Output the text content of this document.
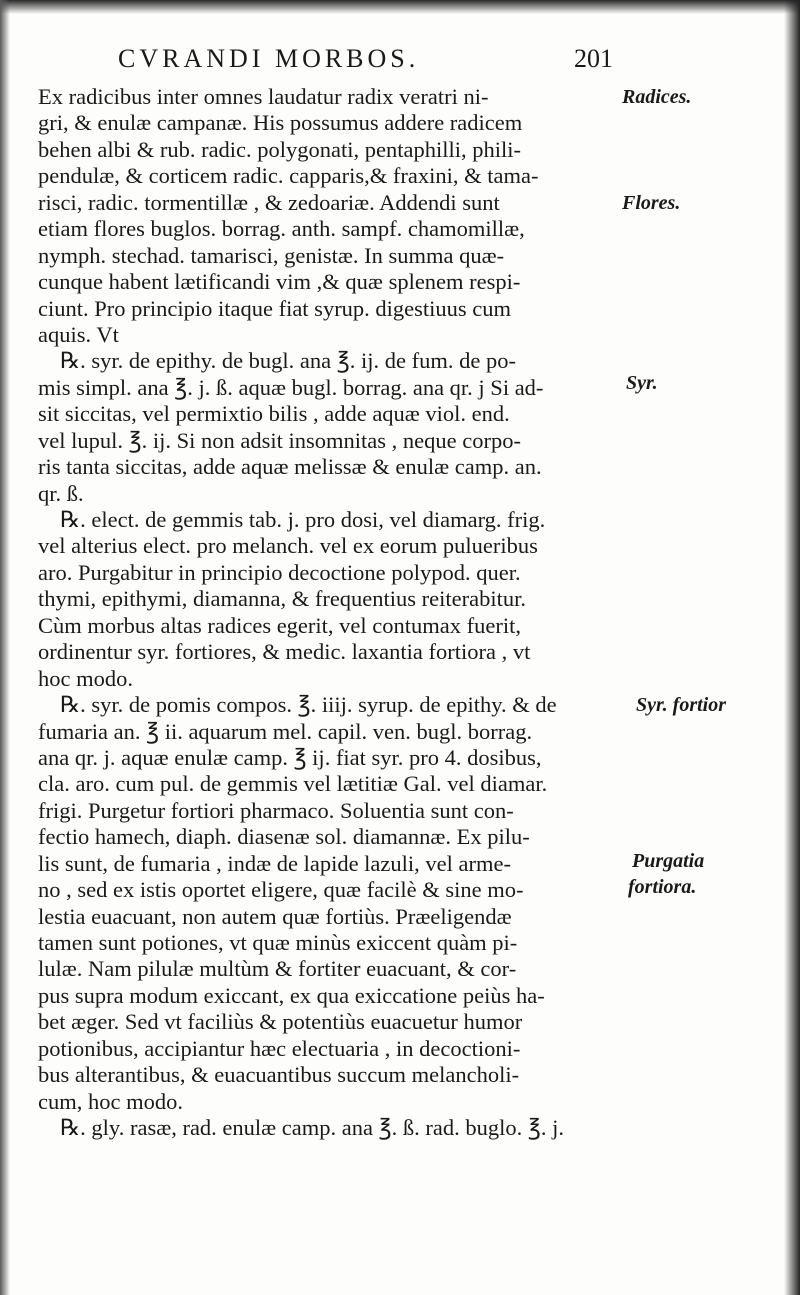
CVRANDI MORBOS.	201
Ex radicibus inter omnes laudatur radix veratri ni-
gri, & enulæ campanæ. His possumus addere radicem
behen albi & rub. radic. polygonati, pentaphilli, phili-
pendulæ, & corticem radic. capparis,& fraxini, & tama-
risci, radic. tormentillæ , & zedoariæ. Addendi sunt
etiam flores buglos. borrag. anth. sampf. chamomillæ,
nymph. stechad. tamarisci, genistæ. In summa quæ-
cunque habent lætificandi vim ,& quæ splenem respi-
ciunt. Pro principio itaque fiat syrup. digestiuus cum
aquis. Vt
℞. syr. de epithy. de bugl. ana ℥. ij. de fum. de po-
mis simpl. ana ℥. j. ß. aquæ bugl. borrag. ana qr. j Si ad-
sit siccitas, vel permixtio bilis , adde aquæ viol. end.
vel lupul. ℥. ij. Si non adsit insomnitas , neque corpo-
ris tanta siccitas, adde aquæ melissæ & enulæ camp. an.
qr. ß.
℞. elect. de gemmis tab. j. pro dosi, vel diamarg. frig.
vel alterius elect. pro melanch. vel ex eorum pulueribus
aro. Purgabitur in principio decoctione polypod. quer.
thymi, epithymi, diamanna, & frequentius reiterabitur.
Cùm morbus altas radices egerit, vel contumax fuerit,
ordinentur syr. fortiores, & medic. laxantia fortiora , vt
hoc modo.
℞. syr. de pomis compos. ℥. iiij. syrup. de epithy. & de
fumaria an. ℥ ii. aquarum mel. capil. ven. bugl. borrag.
ana qr. j. aquæ enulæ camp. ℥ ij. fiat syr. pro 4. dosibus,
cla. aro. cum pul. de gemmis vel lætitiæ Gal. vel diamar.
frigi. Purgetur fortiori pharmaco. Soluentia sunt con-
fectio hamech, diaph. diasenæ sol. diamannæ. Ex pilu-
lis sunt, de fumaria , indæ de lapide lazuli, vel arme-
no , sed ex istis oportet eligere, quæ facilè & sine mo-
lestia euacuant, non autem quæ fortiùs. Præeligendæ
tamen sunt potiones, vt quæ minùs exiccent quàm pi-
lulæ. Nam pilulæ multùm & fortiter euacuant, & cor-
pus supra modum exiccant, ex qua exiccatione peiùs ha-
bet æger. Sed vt faciliùs & potentiùs euacuetur humor
potionibus, accipiantur hæc electuaria , in decoctioni-
bus alterantibus, & euacuantibus succum melancholi-
cum, hoc modo.
℞. gly. rasæ, rad. enulæ camp. ana ℥. ß. rad. buglo. ℥. j.
Radices.
Flores.
Syr.
Syr. fortior
Purgatia
fortiora.
